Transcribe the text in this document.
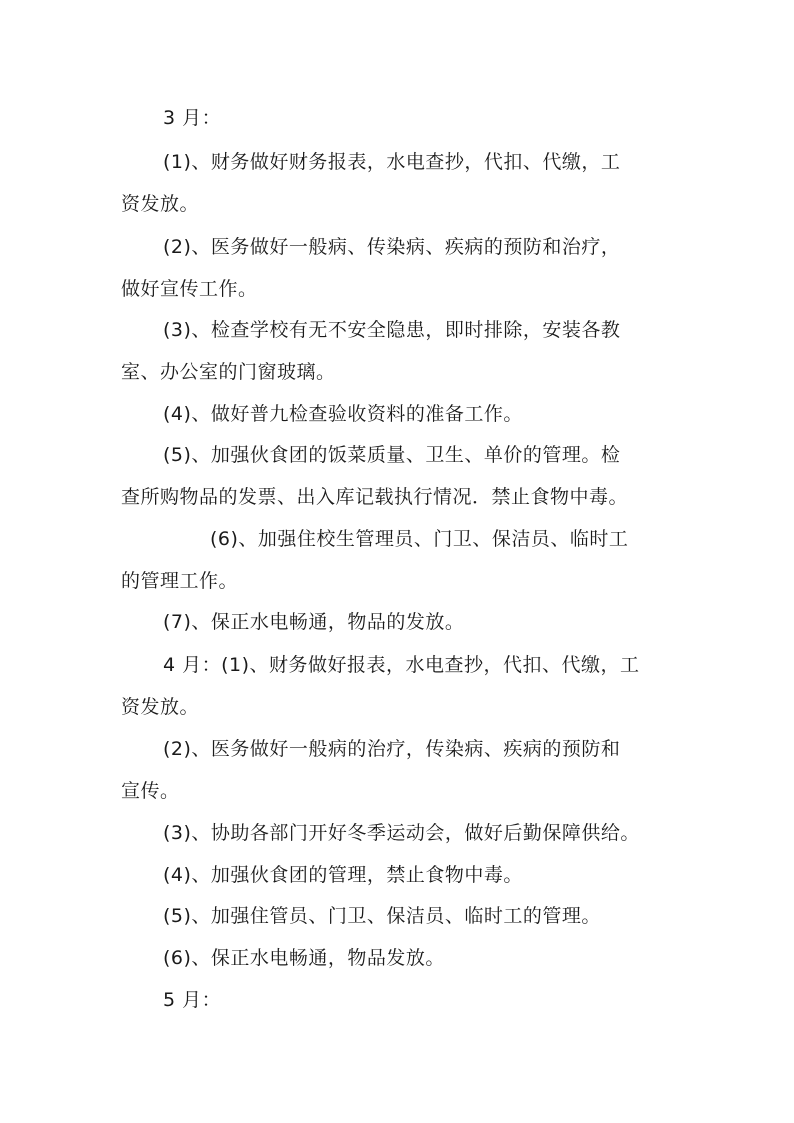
3 月：
(1)、财务做好财务报表，水电查抄，代扣、代缴，工
资发放。
(2)、医务做好一般病、传染病、疾病的预防和治疗，
做好宣传工作。
(3)、检查学校有无不安全隐患，即时排除，安装各教
室、办公室的门窗玻璃。
(4)、做好普九检查验收资料的准备工作。
(5)、加强伙食团的饭菜质量、卫生、单价的管理。检
查所购物品的发票、出入库记载执行情况．禁止食物中毒。
(6)、加强住校生管理员、门卫、保洁员、临时工
的管理工作。
(7)、保正水电畅通，物品的发放。
4 月：(1)、财务做好报表，水电查抄，代扣、代缴，工
资发放。
(2)、医务做好一般病的治疗，传染病、疾病的预防和
宣传。
(3)、协助各部门开好冬季运动会，做好后勤保障供给。
(4)、加强伙食团的管理，禁止食物中毒。
(5)、加强住管员、门卫、保洁员、临时工的管理。
(6)、保正水电畅通，物品发放。
5 月：
